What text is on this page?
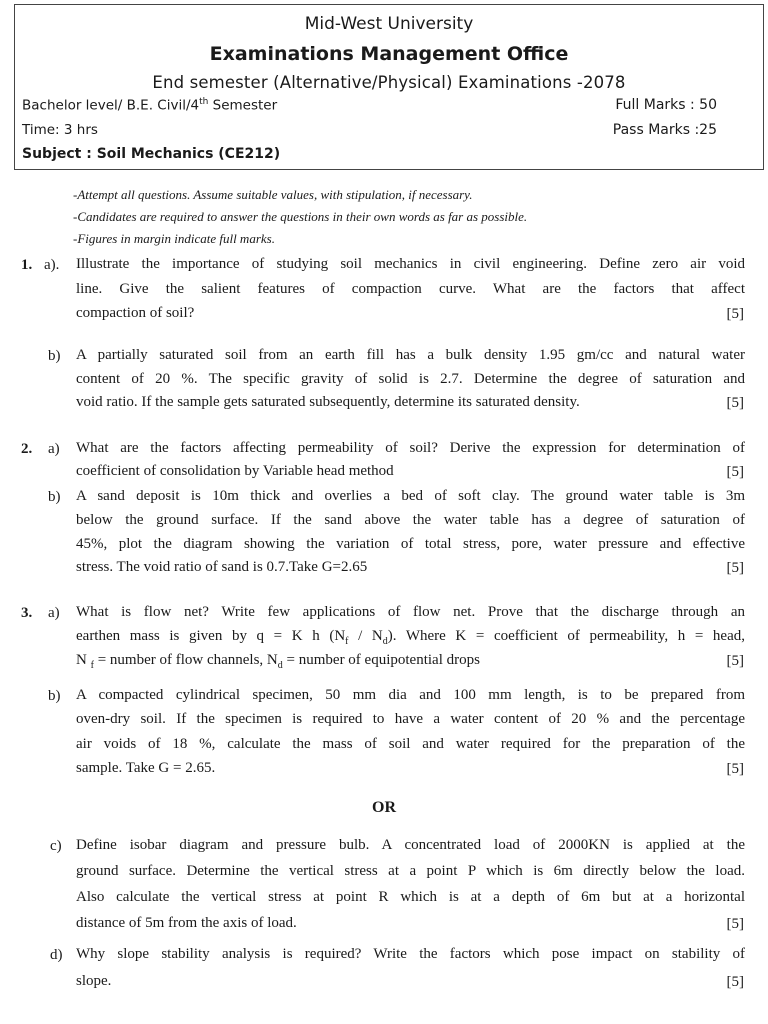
Mid-West University
Examinations Management Office
End semester (Alternative/Physical) Examinations -2078
Bachelor level/ B.E. Civil/4th Semester	Full Marks : 50
Time: 3 hrs	Pass Marks :25
Subject : Soil Mechanics (CE212)
-Attempt all questions. Assume suitable values, with stipulation, if necessary.
-Candidates are required to answer the questions in their own words as far as possible.
-Figures in margin indicate full marks.
1. a). Illustrate the importance of studying soil mechanics in civil engineering. Define zero air void
line. Give the salient features of compaction curve. What are the factors that affect
compaction of soil?	[5]
b) A partially saturated soil from an earth fill has a bulk density 1.95 gm/cc and natural water
content of 20 %. The specific gravity of solid is 2.7. Determine the degree of saturation and
void ratio. If the sample gets saturated subsequently, determine its saturated density.	[5]
2. a) What are the factors affecting permeability of soil? Derive the expression for determination of
coefficient of consolidation by Variable head method	[5]
b) A sand deposit is 10m thick and overlies a bed of soft clay. The ground water table is 3m
below the ground surface. If the sand above the water table has a degree of saturation of
45%, plot the diagram showing the variation of total stress, pore, water pressure and effective
stress. The void ratio of sand is 0.7.Take G=2.65	[5]
3. a) What is flow net? Write few applications of flow net. Prove that the discharge through an
earthen mass is given by q = K h $(N_f / N_d)$. Where K = coefficient of permeability, h = head,
N $_f$ = number of flow channels, $N_d$ = number of equipotential drops	[5]
b) A compacted cylindrical specimen, 50 mm dia and 100 mm length, is to be prepared from
oven-dry soil. If the specimen is required to have a water content of 20 % and the percentage
air voids of 18 %, calculate the mass of soil and water required for the preparation of the
sample. Take G = 2.65.	[5]
OR
c) Define isobar diagram and pressure bulb. A concentrated load of 2000KN is applied at the
ground surface. Determine the vertical stress at a point P which is 6m directly below the load.
Also calculate the vertical stress at point R which is at a depth of 6m but at a horizontal
distance of 5m from the axis of load.	[5]
d) Why slope stability analysis is required? Write the factors which pose impact on stability of
slope.	[5]
